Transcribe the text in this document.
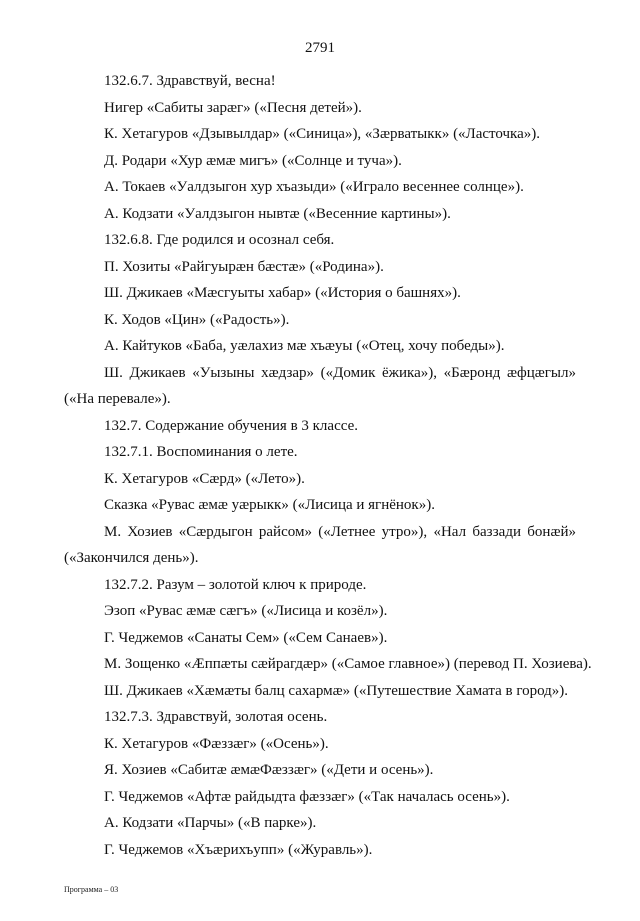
2791
132.6.7. Здравствуй, весна!
Нигер «Сабиты зарæг» («Песня детей»).
К. Хетагуров «Дзывылдар» («Синица»), «Зæрватыкк» («Ласточка»).
Д. Родари «Хур æмæ мигъ» («Солнце и туча»).
А. Токаев «Уалдзыгон хур хъазыди» («Играло весеннее солнце»).
А. Кодзати «Уалдзыгон нывтæ («Весенние картины»).
132.6.8. Где родился и осознал себя.
П. Хозиты «Райгуырæн бæстæ» («Родина»).
Ш. Джикаев «Мæсгуыты хабар» («История о башнях»).
К. Ходов «Цин» («Радость»).
А. Кайтуков «Баба, уæлахиз мæ хъæуы («Отец, хочу победы»).
Ш. Джикаев «Уызыны хæдзар» («Домик ёжика»), «Бæронд æфцæгыл» («На перевале»).
132.7. Содержание обучения в 3 классе.
132.7.1. Воспоминания о лете.
К. Хетагуров «Сæрд» («Лето»).
Сказка «Рувас æмæ уæрыкк» («Лисица и ягнёнок»).
М. Хозиев «Сæрдыгон райсом» («Летнее утро»), «Нал баззади бонæй» («Закончился день»).
132.7.2. Разум – золотой ключ к природе.
Эзоп «Рувас æмæ сæгъ» («Лисица и козёл»).
Г. Чеджемов «Санаты Сем» («Сем Санаев»).
М. Зощенко «Æппæты сæйрагдæр» («Самое главное») (перевод П. Хозиева).
Ш. Джикаев «Хæмæты балц сахармæ» («Путешествие Хамата в город»).
132.7.3. Здравствуй, золотая осень.
К. Хетагуров «Фæззæг» («Осень»).
Я. Хозиев «Сабитæ æмæФæззæг» («Дети и осень»).
Г. Чеджемов «Афтæ райдыдта фæззæг» («Так началась осень»).
А. Кодзати «Парчы» («В парке»).
Г. Чеджемов «Хъæрихъупп» («Журавль»).
Программа – 03
